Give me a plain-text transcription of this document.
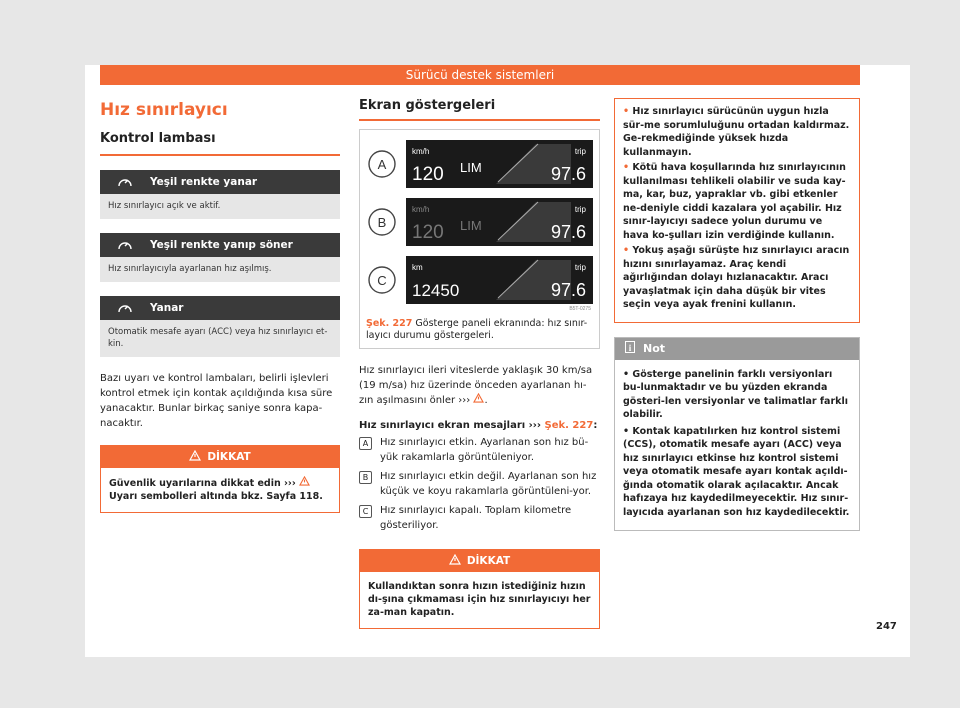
Sürücü destek sistemleri
Hız sınırlayıcı
Kontrol lambası
Yeşil renkte yanar
Hız sınırlayıcı açık ve aktif.
Yeşil renkte yanıp söner
Hız sınırlayıcıyla ayarlanan hız aşılmış.
Yanar
Otomatik mesafe ayarı (ACC) veya hız sınırlayıcı et-kin.

Bazı uyarı ve kontrol lambaları, belirli işlevleri kontrol etmek için kontak açıldığında kısa süre yanacaktır. Bunlar birkaç saniye sonra kapa-nacaktır.

DİKKAT
Güvenlik uyarılarına dikkat edin ›››  Uyarı sembolleri altında bkz. Sayfa 118.
Ekran göstergeleri
A
B
C
km/h
120 LIM
trip
97.6
km/h
120 LIM
trip
97.6
km
12450
trip
97.6
B5T-0275
Şek. 227 Gösterge paneli ekranında: hız sınır-layıcı durumu göstergeleri.

Hız sınırlayıcı ileri viteslerde yaklaşık 30 km/sa (19 m/sa) hız üzerinde önceden ayarlanan hı-zın aşılmasını önler ››› .

Hız sınırlayıcı ekran mesajları ››› Şek. 227:
A	Hız sınırlayıcı etkin. Ayarlanan son hız bü-yük rakamlarla görüntüleniyor.
B	Hız sınırlayıcı etkin değil. Ayarlanan son hız küçük ve koyu rakamlarla görüntüleni-yor.
C	Hız sınırlayıcı kapalı. Toplam kilometre gösteriliyor.
DİKKAT
Kullandıktan sonra hızın istediğiniz hızın dı-şına çıkmaması için hız sınırlayıcıyı her za-man kapatın.
• Hız sınırlayıcı sürücünün uygun hızla sür-me sorumluluğunu ortadan kaldırmaz. Ge-rekmediğinde yüksek hızda kullanmayın.
• Kötü hava koşullarında hız sınırlayıcının kullanılması tehlikeli olabilir ve suda kay-ma, kar, buz, yapraklar vb. gibi etkenler ne-deniyle ciddi kazalara yol açabilir. Hız sınır-layıcıyı sadece yolun durumu ve hava ko-şulları izin verdiğinde kullanın.
• Yokuş aşağı sürüşte hız sınırlayıcı aracın hızını sınırlayamaz. Araç kendi ağırlığından dolayı hızlanacaktır. Aracı yavaşlatmak için daha düşük bir vites seçin veya ayak frenini kullanın.
i Not
• Gösterge panelinin farklı versiyonları bu-lunmaktadır ve bu yüzden ekranda gösteri-len versiyonlar ve talimatlar farklı olabilir.
• Kontak kapatılırken hız kontrol sistemi (CCS), otomatik mesafe ayarı (ACC) veya hız sınırlayıcı etkinse hız kontrol sistemi veya otomatik mesafe ayarı kontak açıldı-ğında otomatik olarak açılacaktır. Ancak hafızaya hız kaydedilmeyecektir. Hız sınır-layıcıda ayarlanan son hız kaydedilecektir.
247
